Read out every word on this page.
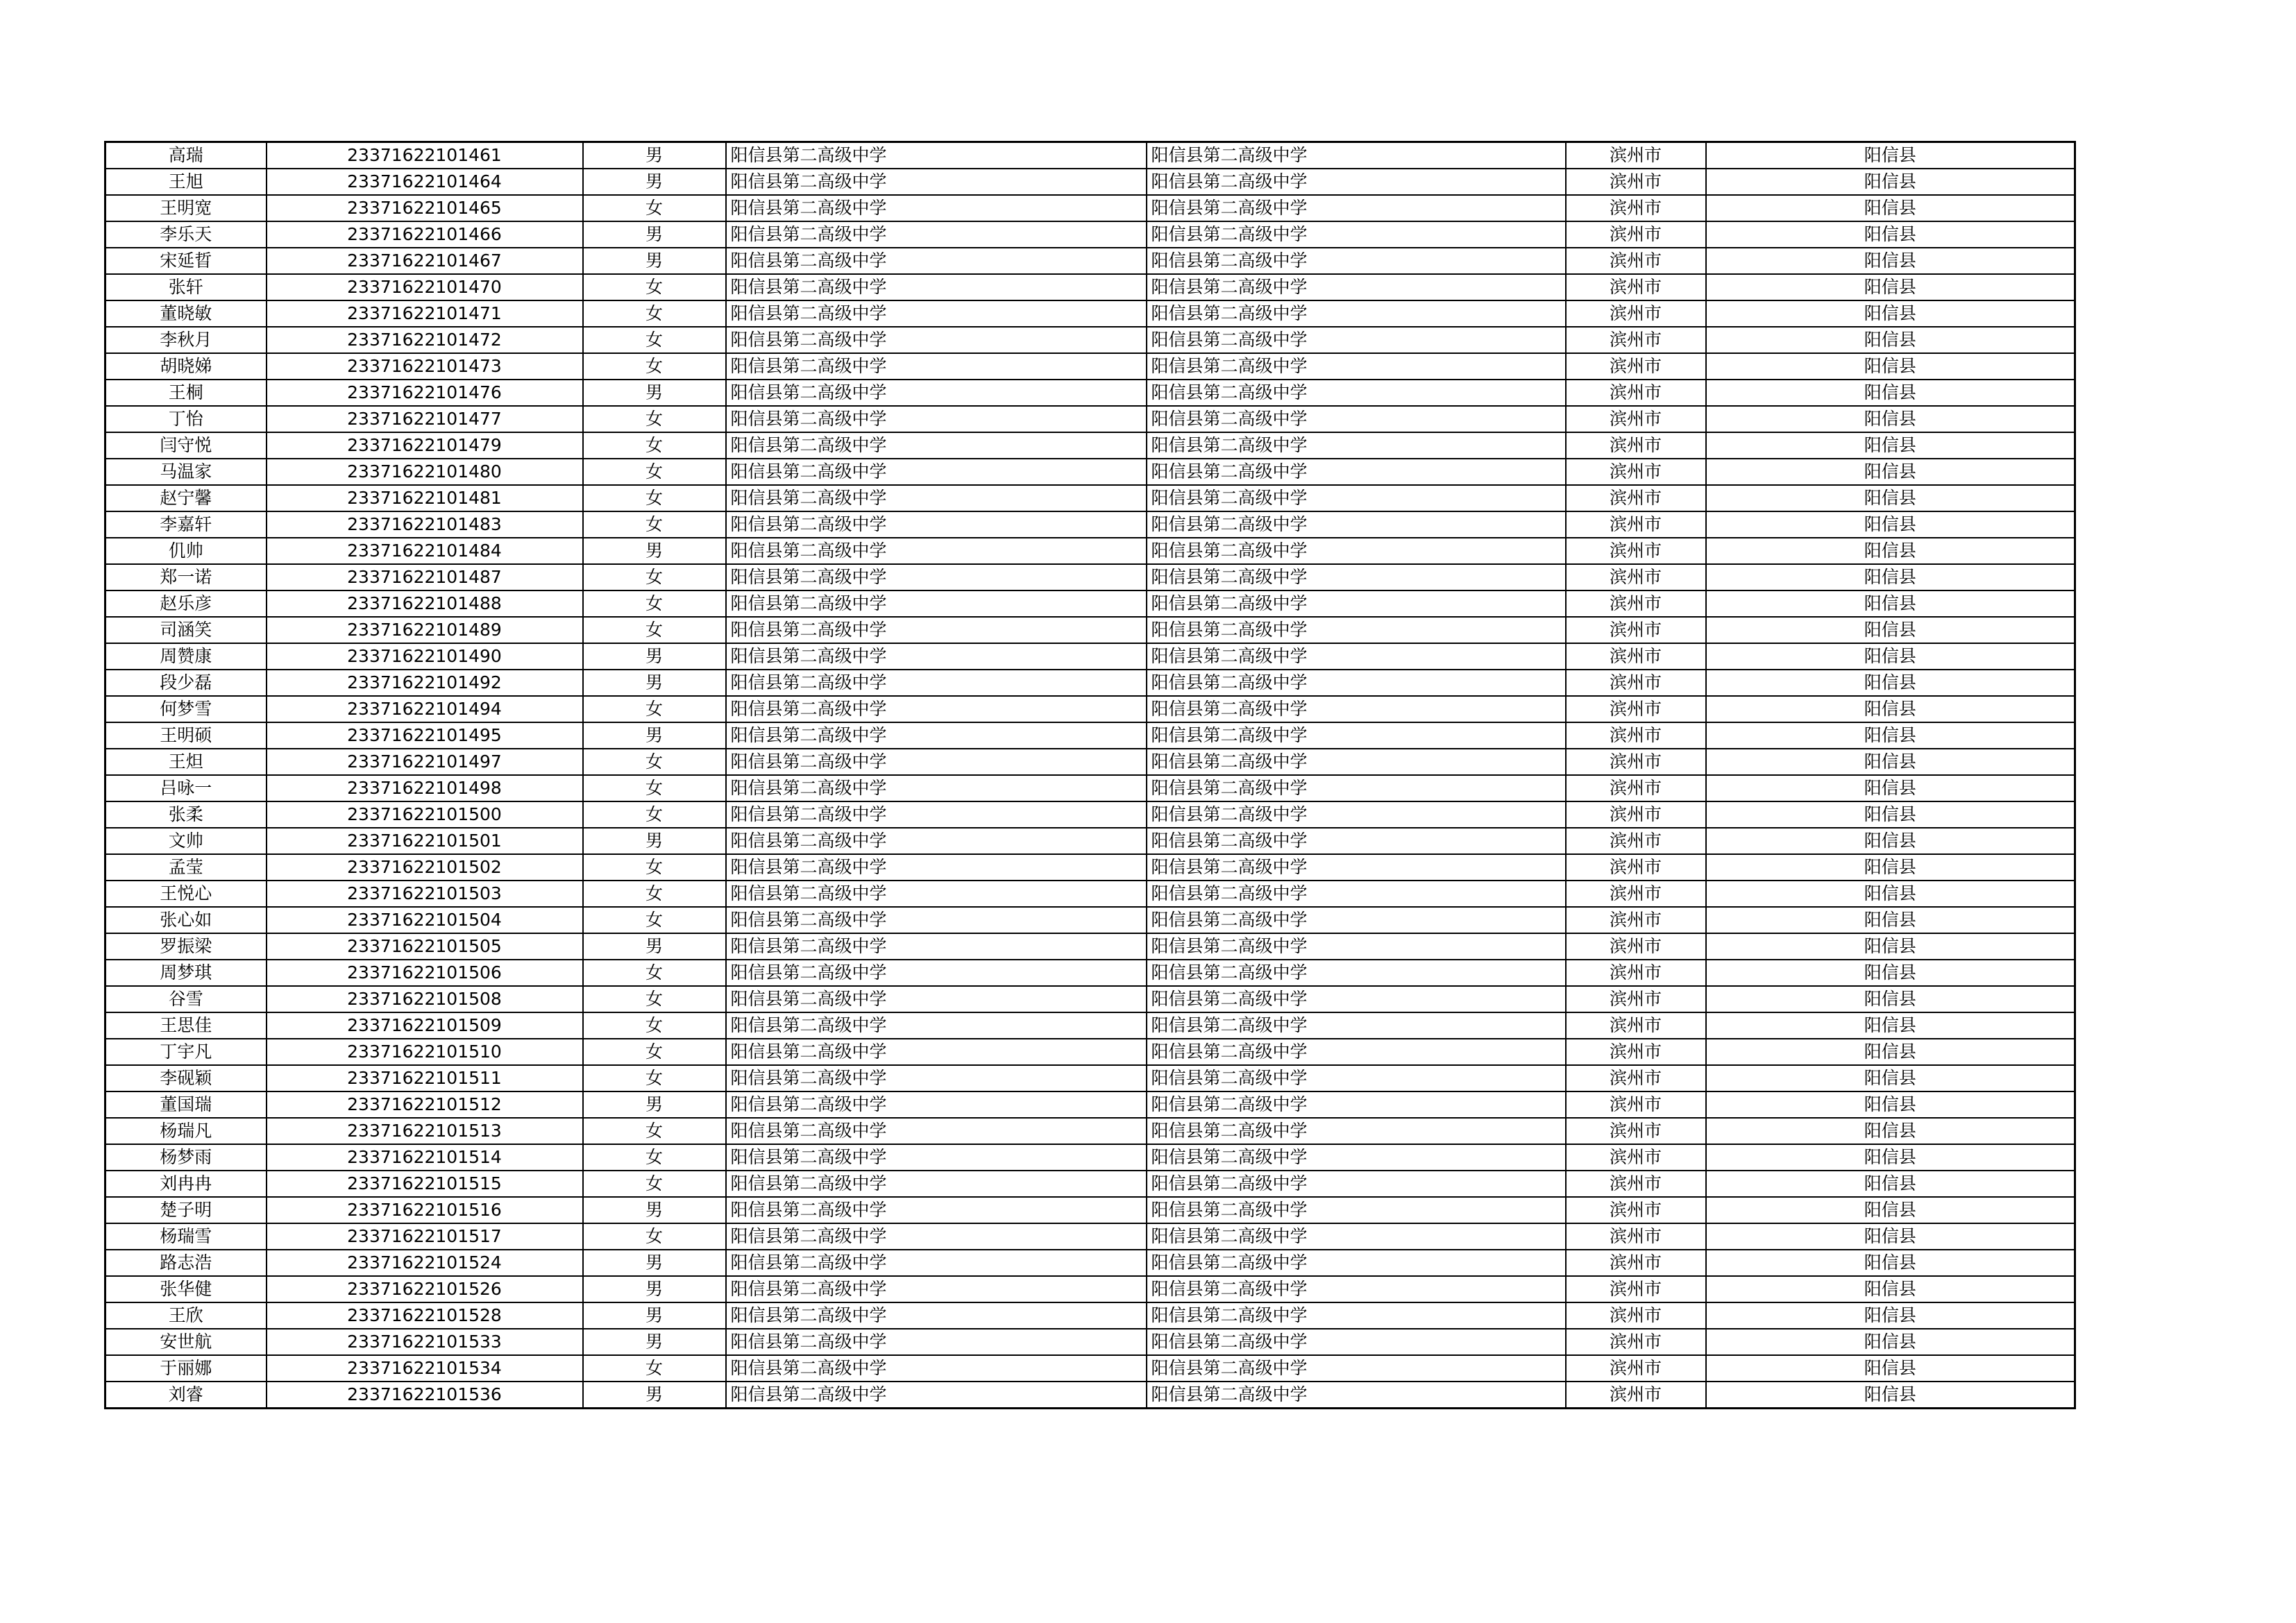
高瑞	23371622101461	男	阳信县第二高级中学	阳信县第二高级中学	滨州市	阳信县
王旭	23371622101464	男	阳信县第二高级中学	阳信县第二高级中学	滨州市	阳信县
王明宽	23371622101465	女	阳信县第二高级中学	阳信县第二高级中学	滨州市	阳信县
李乐天	23371622101466	男	阳信县第二高级中学	阳信县第二高级中学	滨州市	阳信县
宋延晢	23371622101467	男	阳信县第二高级中学	阳信县第二高级中学	滨州市	阳信县
张轩	23371622101470	女	阳信县第二高级中学	阳信县第二高级中学	滨州市	阳信县
董晓敏	23371622101471	女	阳信县第二高级中学	阳信县第二高级中学	滨州市	阳信县
李秋月	23371622101472	女	阳信县第二高级中学	阳信县第二高级中学	滨州市	阳信县
胡晓娣	23371622101473	女	阳信县第二高级中学	阳信县第二高级中学	滨州市	阳信县
王桐	23371622101476	男	阳信县第二高级中学	阳信县第二高级中学	滨州市	阳信县
丁怡	23371622101477	女	阳信县第二高级中学	阳信县第二高级中学	滨州市	阳信县
闫守悦	23371622101479	女	阳信县第二高级中学	阳信县第二高级中学	滨州市	阳信县
马温家	23371622101480	女	阳信县第二高级中学	阳信县第二高级中学	滨州市	阳信县
赵宁馨	23371622101481	女	阳信县第二高级中学	阳信县第二高级中学	滨州市	阳信县
李嘉轩	23371622101483	女	阳信县第二高级中学	阳信县第二高级中学	滨州市	阳信县
仉帅	23371622101484	男	阳信县第二高级中学	阳信县第二高级中学	滨州市	阳信县
郑一诺	23371622101487	女	阳信县第二高级中学	阳信县第二高级中学	滨州市	阳信县
赵乐彦	23371622101488	女	阳信县第二高级中学	阳信县第二高级中学	滨州市	阳信县
司涵笑	23371622101489	女	阳信县第二高级中学	阳信县第二高级中学	滨州市	阳信县
周赞康	23371622101490	男	阳信县第二高级中学	阳信县第二高级中学	滨州市	阳信县
段少磊	23371622101492	男	阳信县第二高级中学	阳信县第二高级中学	滨州市	阳信县
何梦雪	23371622101494	女	阳信县第二高级中学	阳信县第二高级中学	滨州市	阳信县
王明硕	23371622101495	男	阳信县第二高级中学	阳信县第二高级中学	滨州市	阳信县
王炟	23371622101497	女	阳信县第二高级中学	阳信县第二高级中学	滨州市	阳信县
吕咏一	23371622101498	女	阳信县第二高级中学	阳信县第二高级中学	滨州市	阳信县
张柔	23371622101500	女	阳信县第二高级中学	阳信县第二高级中学	滨州市	阳信县
文帅	23371622101501	男	阳信县第二高级中学	阳信县第二高级中学	滨州市	阳信县
孟莹	23371622101502	女	阳信县第二高级中学	阳信县第二高级中学	滨州市	阳信县
王悦心	23371622101503	女	阳信县第二高级中学	阳信县第二高级中学	滨州市	阳信县
张心如	23371622101504	女	阳信县第二高级中学	阳信县第二高级中学	滨州市	阳信县
罗振梁	23371622101505	男	阳信县第二高级中学	阳信县第二高级中学	滨州市	阳信县
周梦琪	23371622101506	女	阳信县第二高级中学	阳信县第二高级中学	滨州市	阳信县
谷雪	23371622101508	女	阳信县第二高级中学	阳信县第二高级中学	滨州市	阳信县
王思佳	23371622101509	女	阳信县第二高级中学	阳信县第二高级中学	滨州市	阳信县
丁宇凡	23371622101510	女	阳信县第二高级中学	阳信县第二高级中学	滨州市	阳信县
李砚颖	23371622101511	女	阳信县第二高级中学	阳信县第二高级中学	滨州市	阳信县
董国瑞	23371622101512	男	阳信县第二高级中学	阳信县第二高级中学	滨州市	阳信县
杨瑞凡	23371622101513	女	阳信县第二高级中学	阳信县第二高级中学	滨州市	阳信县
杨梦雨	23371622101514	女	阳信县第二高级中学	阳信县第二高级中学	滨州市	阳信县
刘冉冉	23371622101515	女	阳信县第二高级中学	阳信县第二高级中学	滨州市	阳信县
楚子明	23371622101516	男	阳信县第二高级中学	阳信县第二高级中学	滨州市	阳信县
杨瑞雪	23371622101517	女	阳信县第二高级中学	阳信县第二高级中学	滨州市	阳信县
路志浩	23371622101524	男	阳信县第二高级中学	阳信县第二高级中学	滨州市	阳信县
张华健	23371622101526	男	阳信县第二高级中学	阳信县第二高级中学	滨州市	阳信县
王欣	23371622101528	男	阳信县第二高级中学	阳信县第二高级中学	滨州市	阳信县
安世航	23371622101533	男	阳信县第二高级中学	阳信县第二高级中学	滨州市	阳信县
于丽娜	23371622101534	女	阳信县第二高级中学	阳信县第二高级中学	滨州市	阳信县
刘睿	23371622101536	男	阳信县第二高级中学	阳信县第二高级中学	滨州市	阳信县
